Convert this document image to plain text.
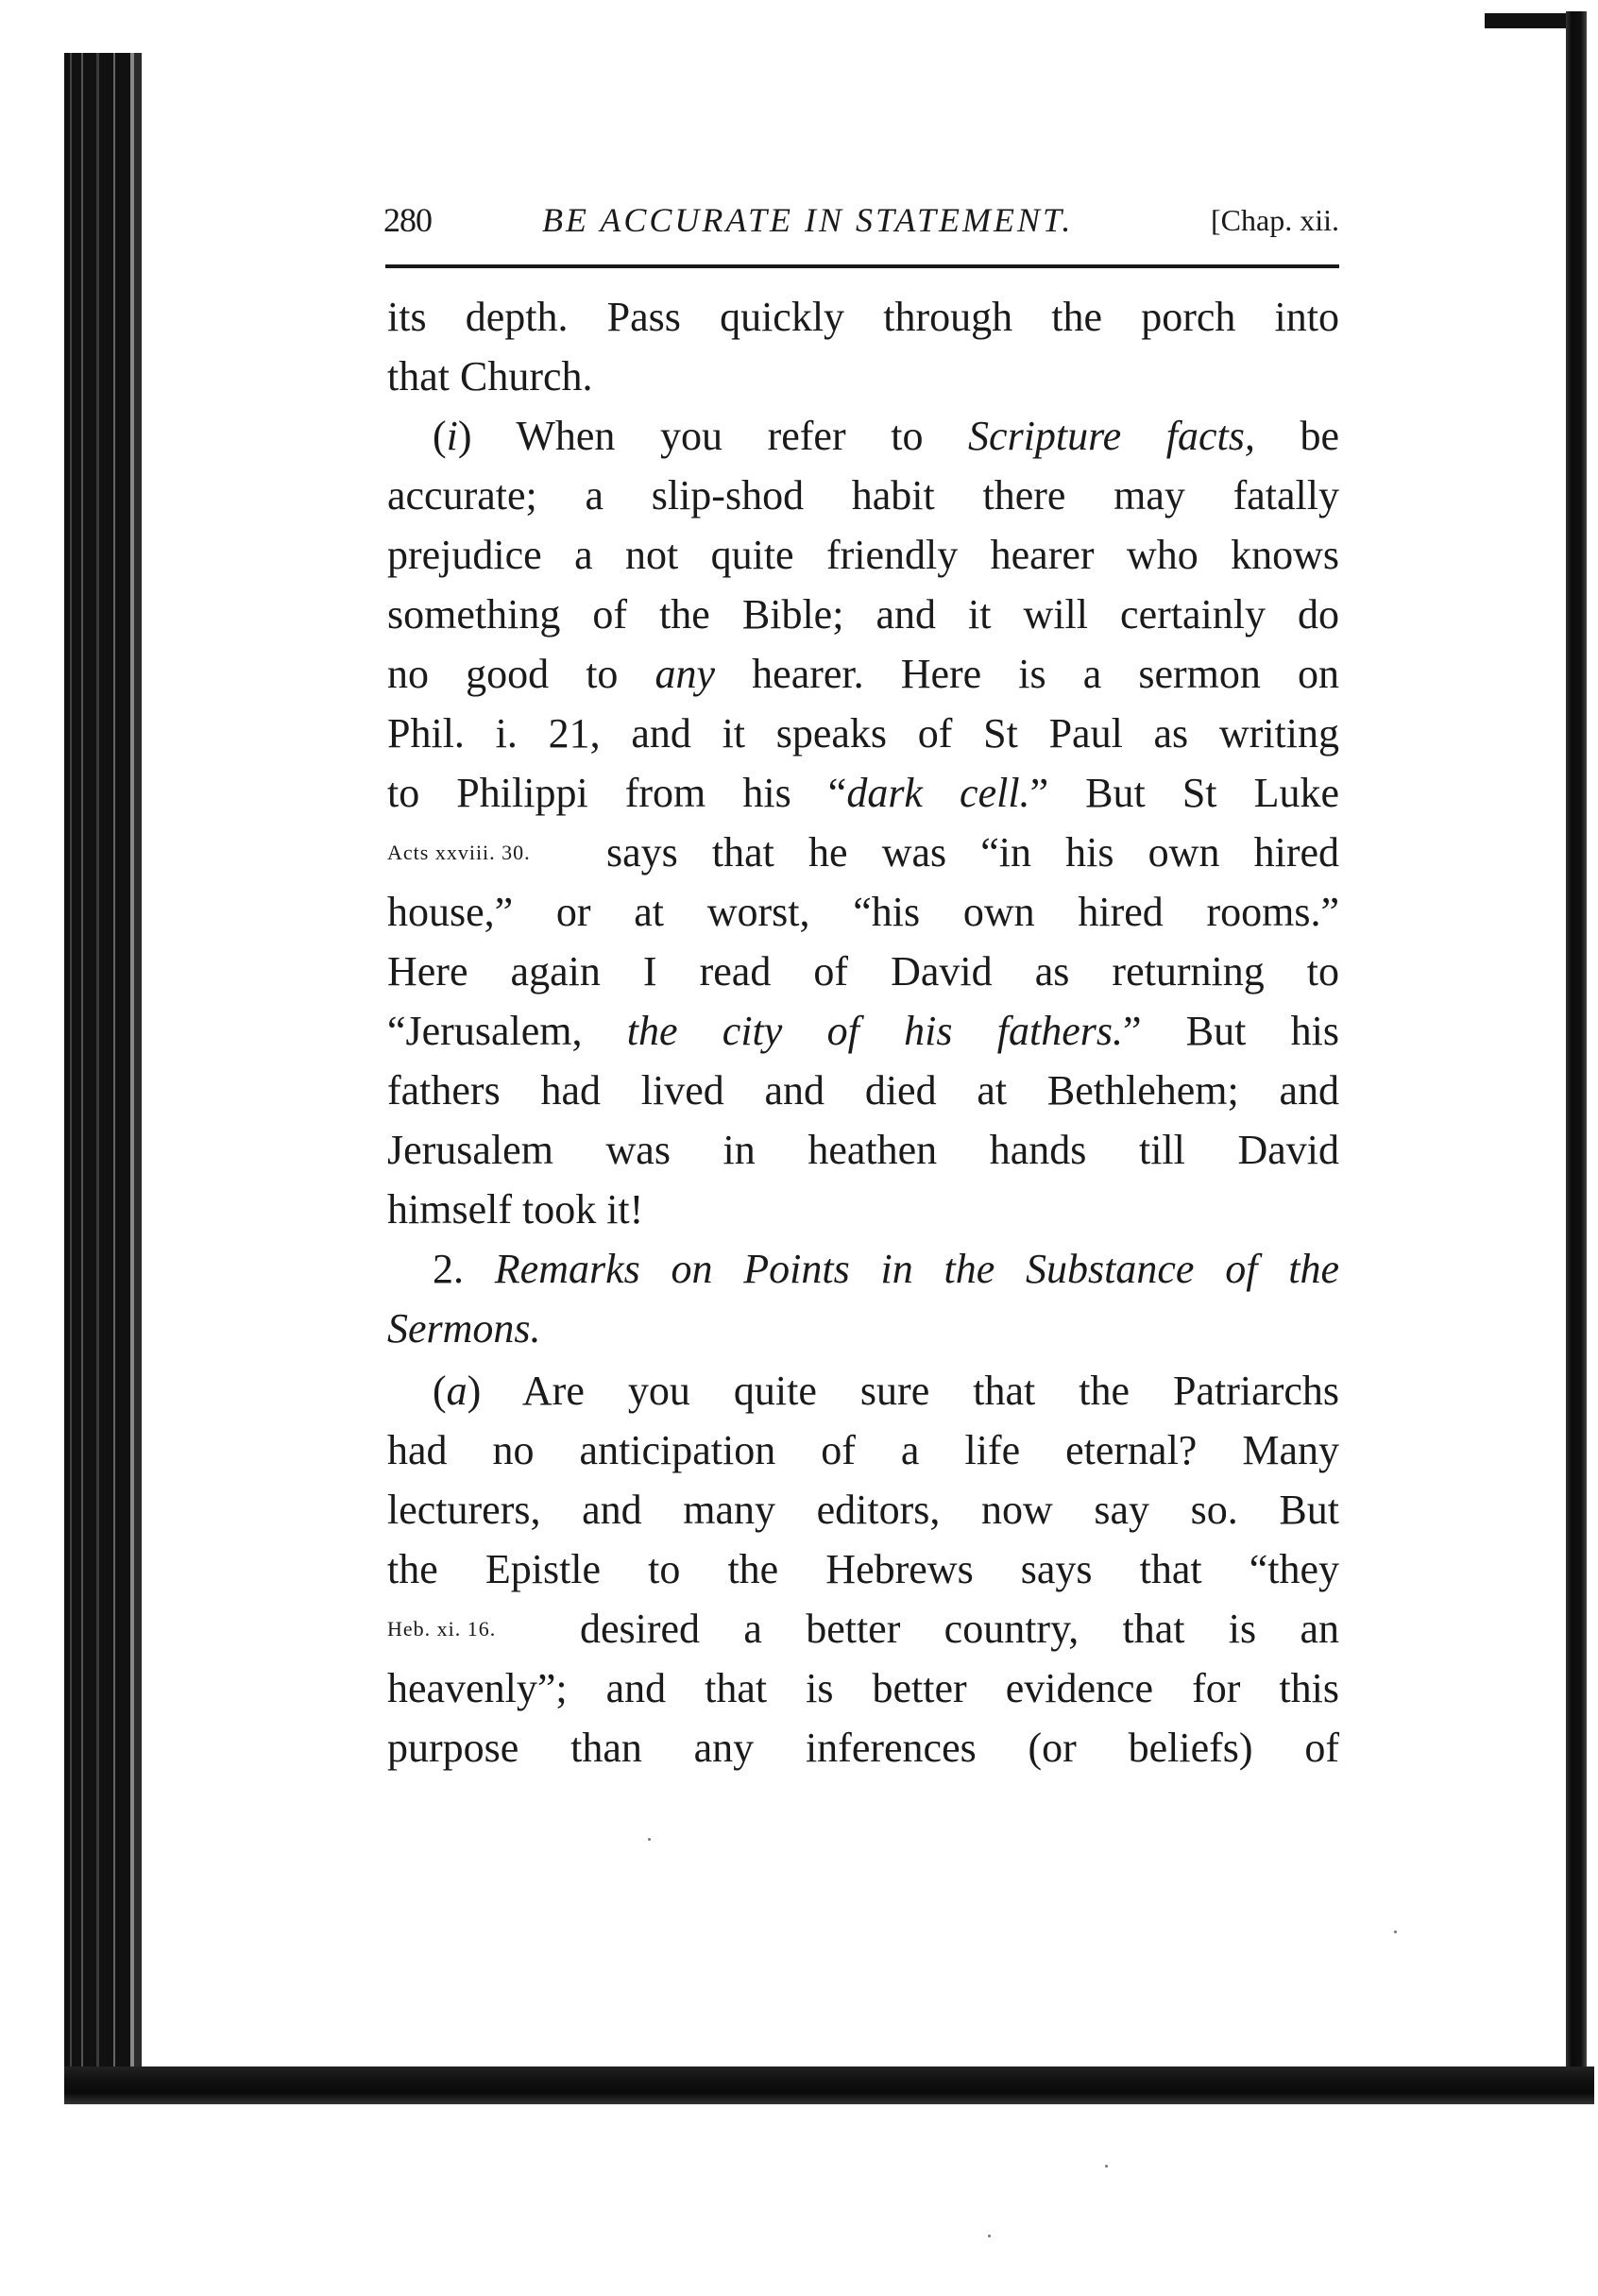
280	BE ACCURATE IN STATEMENT.	[Chap. xii.
its depth. Pass quickly through the porch into
that Church.
(i) When you refer to Scripture facts, be
accurate; a slip-shod habit there may fatally
prejudice a not quite friendly hearer who knows
something of the Bible; and it will certainly do
no good to any hearer. Here is a sermon on
Phil. i. 21, and it speaks of St Paul as writing
to Philippi from his “dark cell.” But St Luke
Acts xxviii. 30. says that he was “in his own hired
house,” or at worst, “his own hired rooms.”
Here again I read of David as returning to
“Jerusalem, the city of his fathers.” But his
fathers had lived and died at Bethlehem; and
Jerusalem was in heathen hands till David
himself took it!
2. Remarks on Points in the Substance of the
Sermons.
(a) Are you quite sure that the Patriarchs
had no anticipation of a life eternal? Many
lecturers, and many editors, now say so. But
the Epistle to the Hebrews says that “they
Heb. xi. 16. desired a better country, that is an
heavenly”; and that is better evidence for this
purpose than any inferences (or beliefs) of
